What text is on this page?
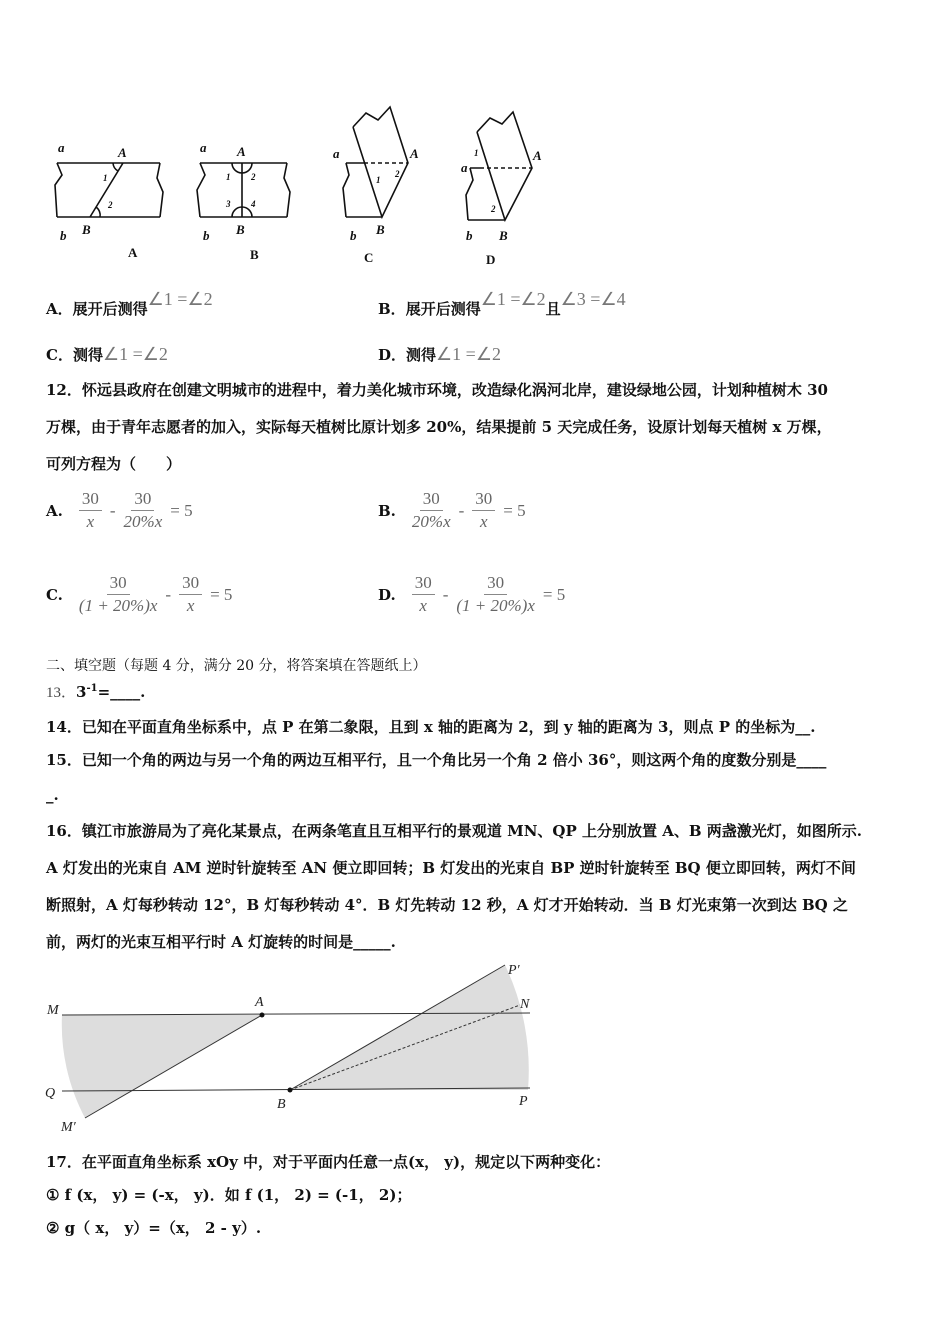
a
b
A
B
1
2
A
a
b
A
B
1 2
3 4
B
a
b
A
B
1
2
C
a
b
A
B
1
2
D
A．展开后测得∠1 =∠2	B．展开后测得∠1 =∠2且∠3 =∠4
C．测得∠1 =∠2	D．测得∠1 =∠2
12．怀远县政府在创建文明城市的进程中，着力美化城市环境，改造绿化涡河北岸，建设绿地公园，计划种植树木 30
万棵，由于青年志愿者的加入，实际每天植树比原计划多 20%，结果提前 5 天完成任务，设原计划每天植树 x 万棵，
可列方程为（　　）
A. $\frac{30}{x} - \frac{30}{20\%x} = 5$	B. $\frac{30}{20\%x} - \frac{30}{x} = 5$
C. $\frac{30}{(1 + 20\%)x} - \frac{30}{x} = 5$	D. $\frac{30}{x} - \frac{30}{(1 + 20\%)x} = 5$
二、填空题（每题 4 分，满分 20 分，将答案填在答题纸上）
13．$3^{-1}=\_\_\_\_$.
14．已知在平面直角坐标系中，点 P 在第二象限，且到 x 轴的距离为 2，到 y 轴的距离为 3，则点 P 的坐标为__.
15．已知一个角的两边与另一个角的两边互相平行，且一个角比另一个角 2 倍小 36°，则这两个角的度数分别是____
_.
16．镇江市旅游局为了亮化某景点，在两条笔直且互相平行的景观道 MN、QP 上分别放置 A、B 两盏激光灯，如图所示.
A 灯发出的光束自 AM 逆时针旋转至 AN 便立即回转；B 灯发出的光束自 BP 逆时针旋转至 BQ 便立即回转，两灯不间
断照射，A 灯每秒转动 12°，B 灯每秒转动 4°．B 灯先转动 12 秒，A 灯才开始转动．当 B 灯光束第一次到达 BQ 之
前，两灯的光束互相平行时 A 灯旋转的时间是_____.
M
A	N
P′
Q
B	P
M′
17．在平面直角坐标系 xOy 中，对于平面内任意一点(x， y)，规定以下两种变化：
① f (x， y) = (-x， y)．如 f (1， 2) = (-1， 2)；
② g（ x， y）=（x， 2 - y）.
